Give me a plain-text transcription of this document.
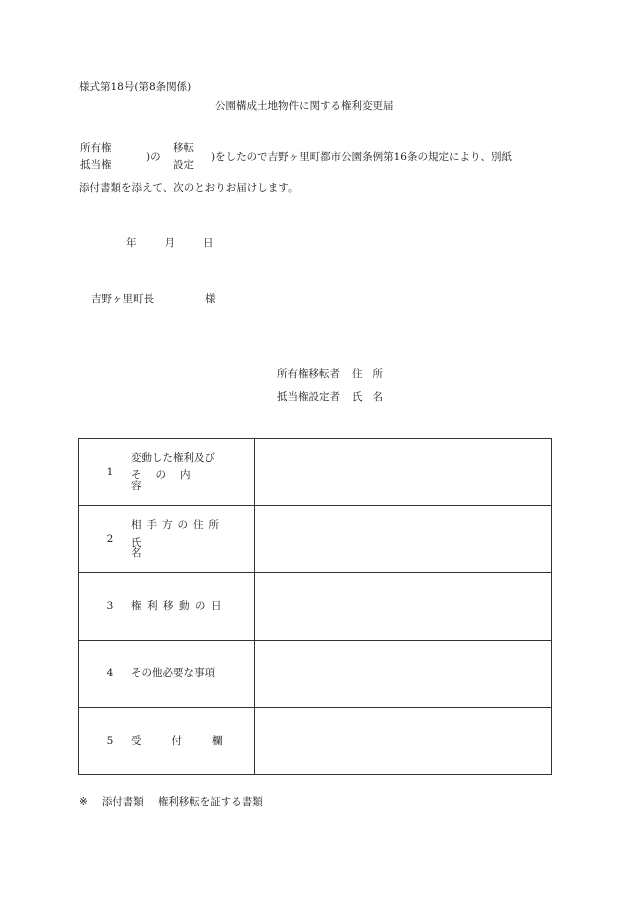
様式第18号(第8条関係)
公園構成土地物件に関する権利変更届
所有権
抵当権
)の
移転
設定
)をしたので吉野ヶ里町都市公園条例第16条の規定により、別紙
添付書類を添えて、次のとおりお届けします。
年	月	日
吉野ヶ里町長	様
所有権移転者 住 所
抵当権設定者 氏 名
1
変動した権利及び
その内容	

2
相手方の住所
氏名	

3 権利移動の日	

4 その他必要な事項	

5 受付欄	

※ 添付書類 権利移転を証する書類
